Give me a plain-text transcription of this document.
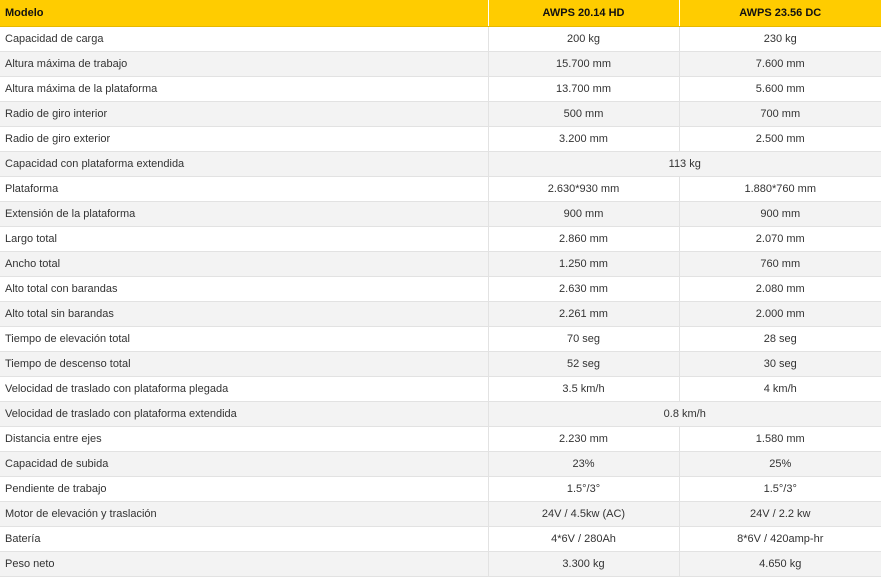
Modelo	AWPS 20.14 HD	AWPS 23.56 DC
Capacidad de carga	200 kg	230 kg
Altura máxima de trabajo	15.700 mm	7.600 mm
Altura máxima de la plataforma	13.700 mm	5.600 mm
Radio de giro interior	500 mm	700 mm
Radio de giro exterior	3.200 mm	2.500 mm
Capacidad con plataforma extendida	113 kg	
Plataforma	2.630*930 mm	1.880*760 mm
Extensión de la plataforma	900 mm	900 mm
Largo total	2.860 mm	2.070 mm
Ancho total	1.250 mm	760 mm
Alto total con barandas	2.630 mm	2.080 mm
Alto total sin barandas	2.261 mm	2.000 mm
Tiempo de elevación total	70 seg	28 seg
Tiempo de descenso total	52 seg	30 seg
Velocidad de traslado con plataforma plegada	3.5 km/h	4 km/h
Velocidad de traslado con plataforma extendida	0.8 km/h	
Distancia entre ejes	2.230 mm	1.580 mm
Capacidad de subida	23%	25%
Pendiente de trabajo	1.5°/3°	1.5°/3°
Motor de elevación y traslación	24V / 4.5kw (AC)	24V / 2.2 kw
Batería	4*6V / 280Ah	8*6V / 420amp-hr
Peso neto	3.300 kg	4.650 kg
